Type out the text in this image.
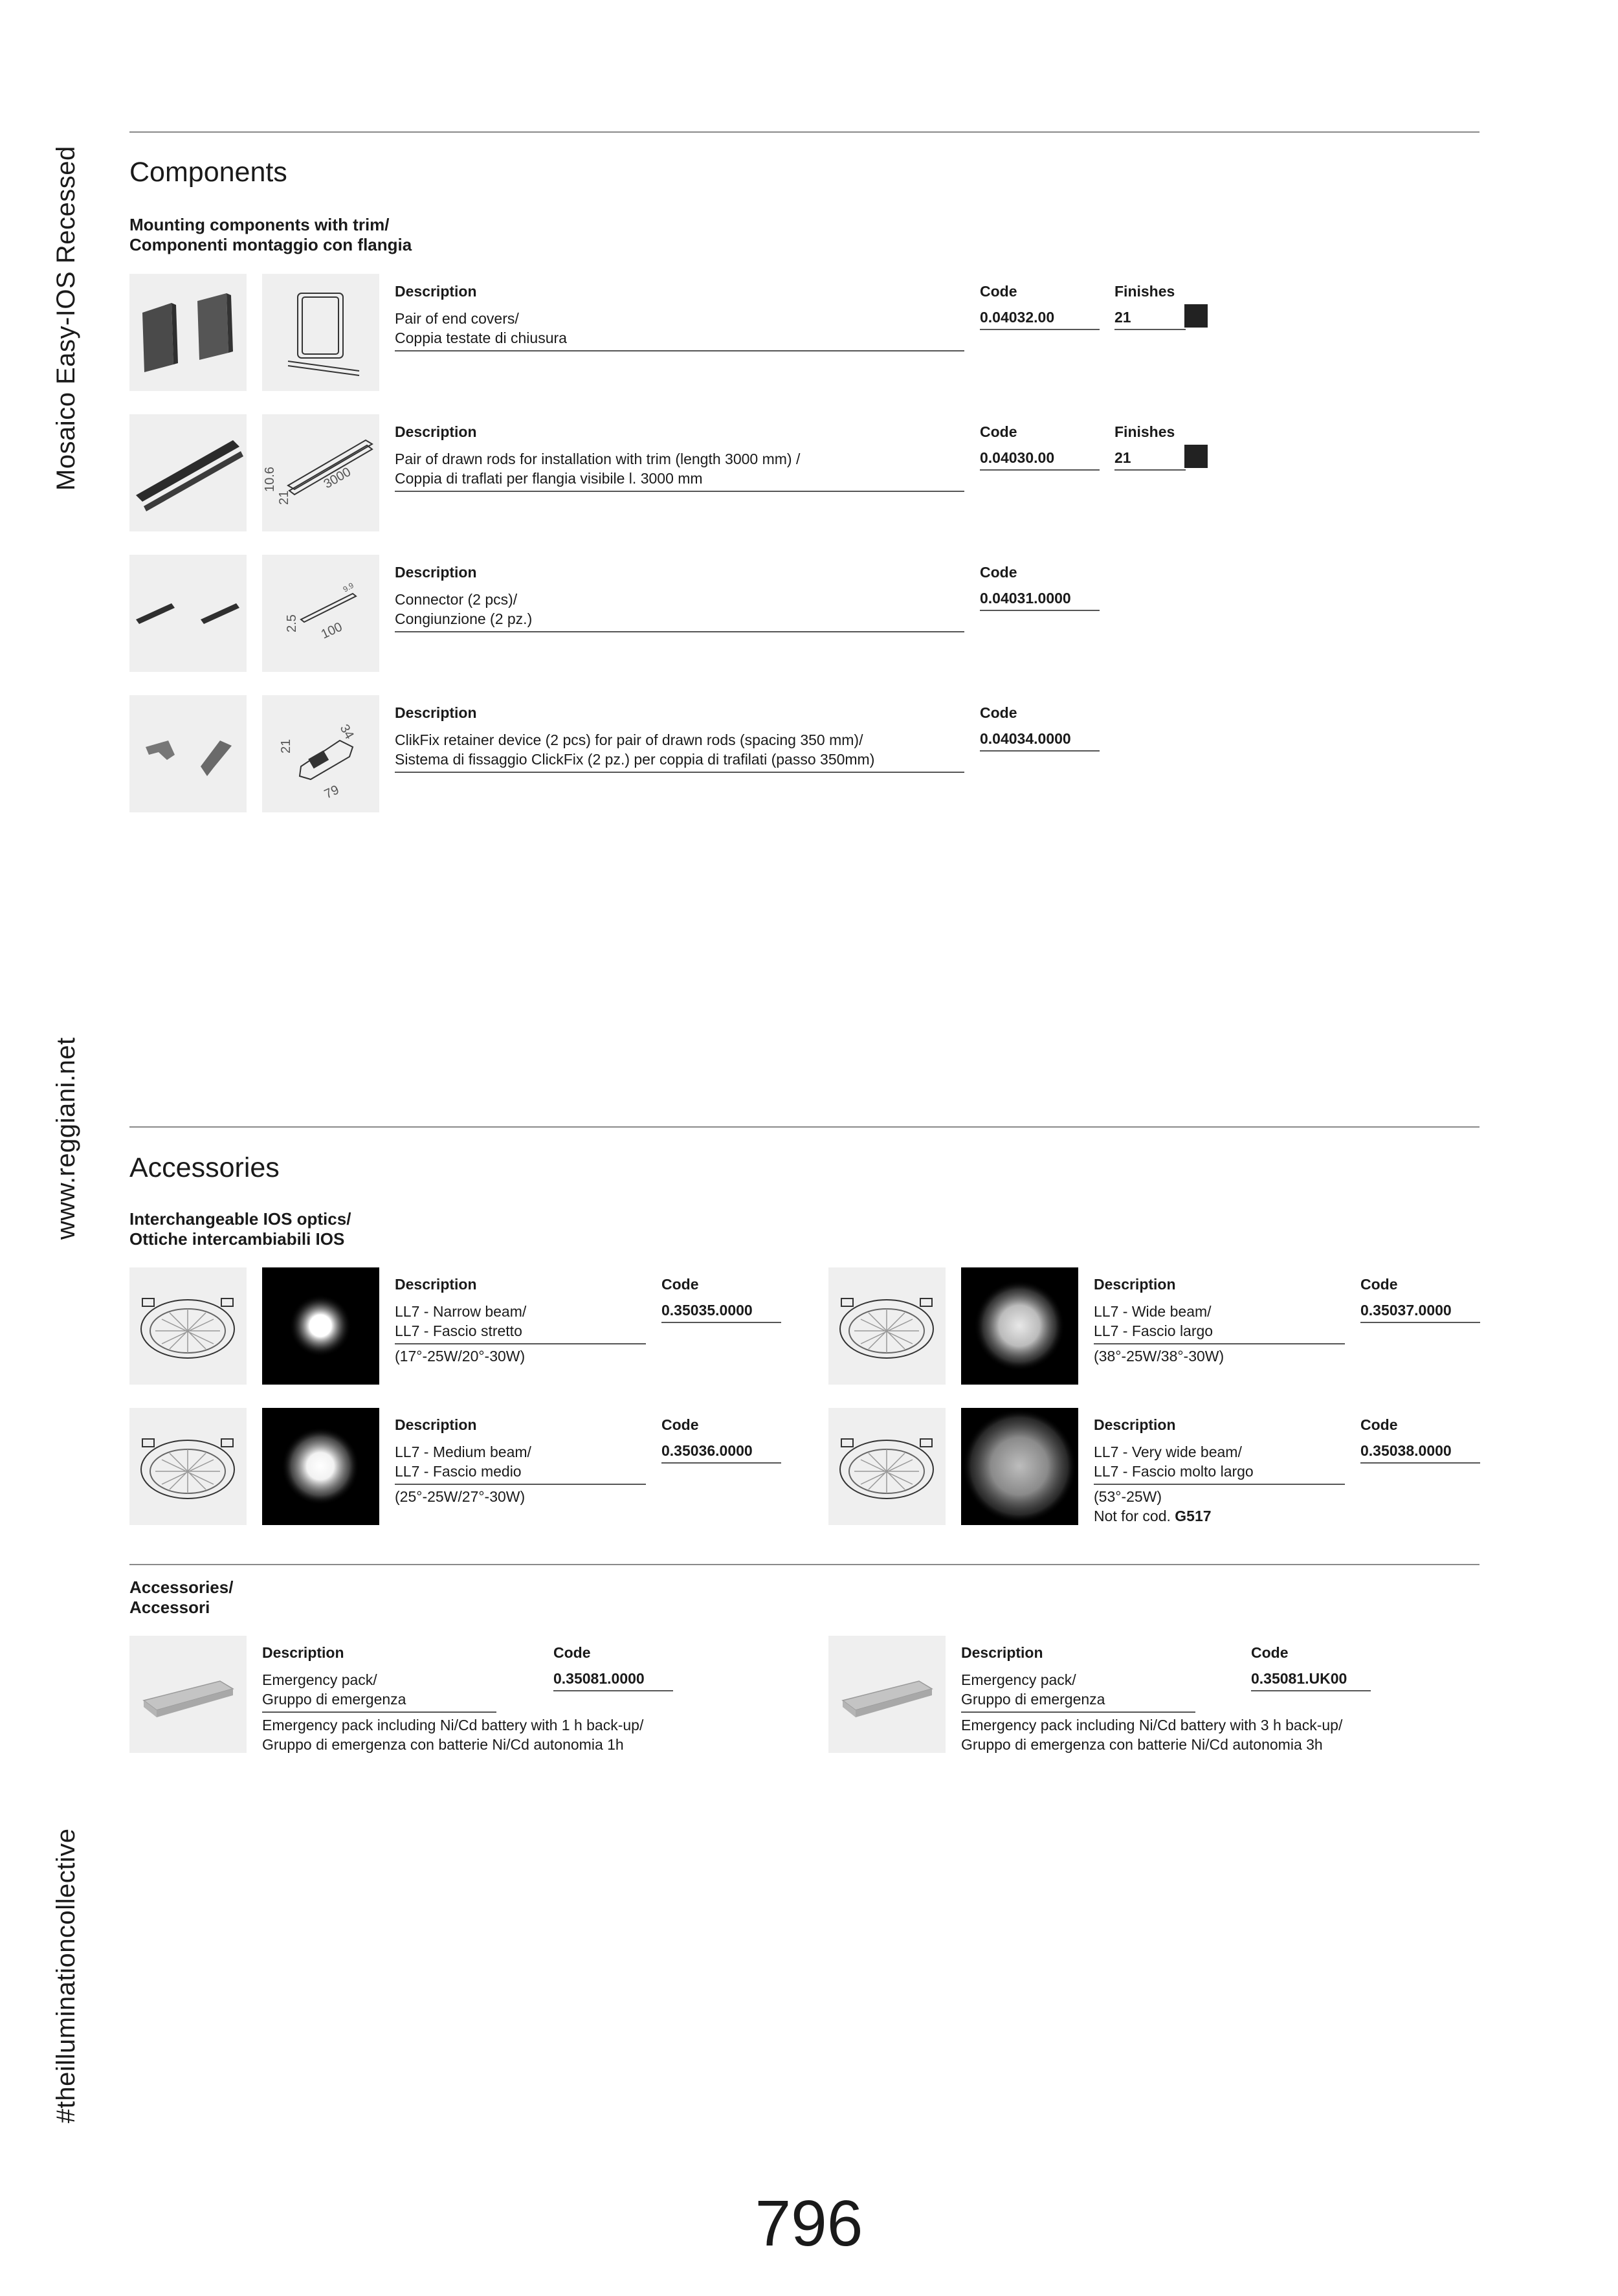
Mosaico Easy-IOS Recessed
www.reggiani.net
#theilluminationcollective
Components
Mounting components with trim/
Componenti montaggio con flangia
Description
Pair of end covers/
Coppia testate di chiusura
Code
0.04032.00
Finishes
21
10.6
21
3000
Description
Pair of drawn rods for installation with trim (length 3000 mm) /
Coppia di traflati per flangia visibile l. 3000 mm
Code
0.04030.00
Finishes
21
2.5 100
9.9
Description
Connector (2 pcs)/
Congiunzione (2 pz.)
Code
0.04031.0000
21
34
79
Description
ClikFix retainer device (2 pcs) for pair of drawn rods (spacing 350 mm)/
Sistema di fissaggio ClickFix (2 pz.) per coppia di trafilati (passo 350mm)
Code
0.04034.0000
Accessories
Interchangeable IOS optics/
Ottiche intercambiabili IOS
Description
LL7 - Narrow beam/
LL7 - Fascio stretto
(17°-25W/20°-30W)
Code
0.35035.0000
Description
LL7 - Wide beam/
LL7 - Fascio largo
(38°-25W/38°-30W)
Code
0.35037.0000
Description
LL7 - Medium beam/
LL7 - Fascio medio
(25°-25W/27°-30W)
Code
0.35036.0000
Description
LL7 - Very wide beam/
LL7 - Fascio molto largo
(53°-25W)
Not for cod. G517
Code
0.35038.0000
Accessories/
Accessori
Description
Emergency pack/
Gruppo di emergenza
Emergency pack including Ni/Cd battery with 1 h back-up/
Gruppo di emergenza con batterie Ni/Cd autonomia 1h
Code
0.35081.0000
Description
Emergency pack/
Gruppo di emergenza
Emergency pack including Ni/Cd battery with 3 h back-up/
Gruppo di emergenza con batterie Ni/Cd autonomia 3h
Code
0.35081.UK00
796
